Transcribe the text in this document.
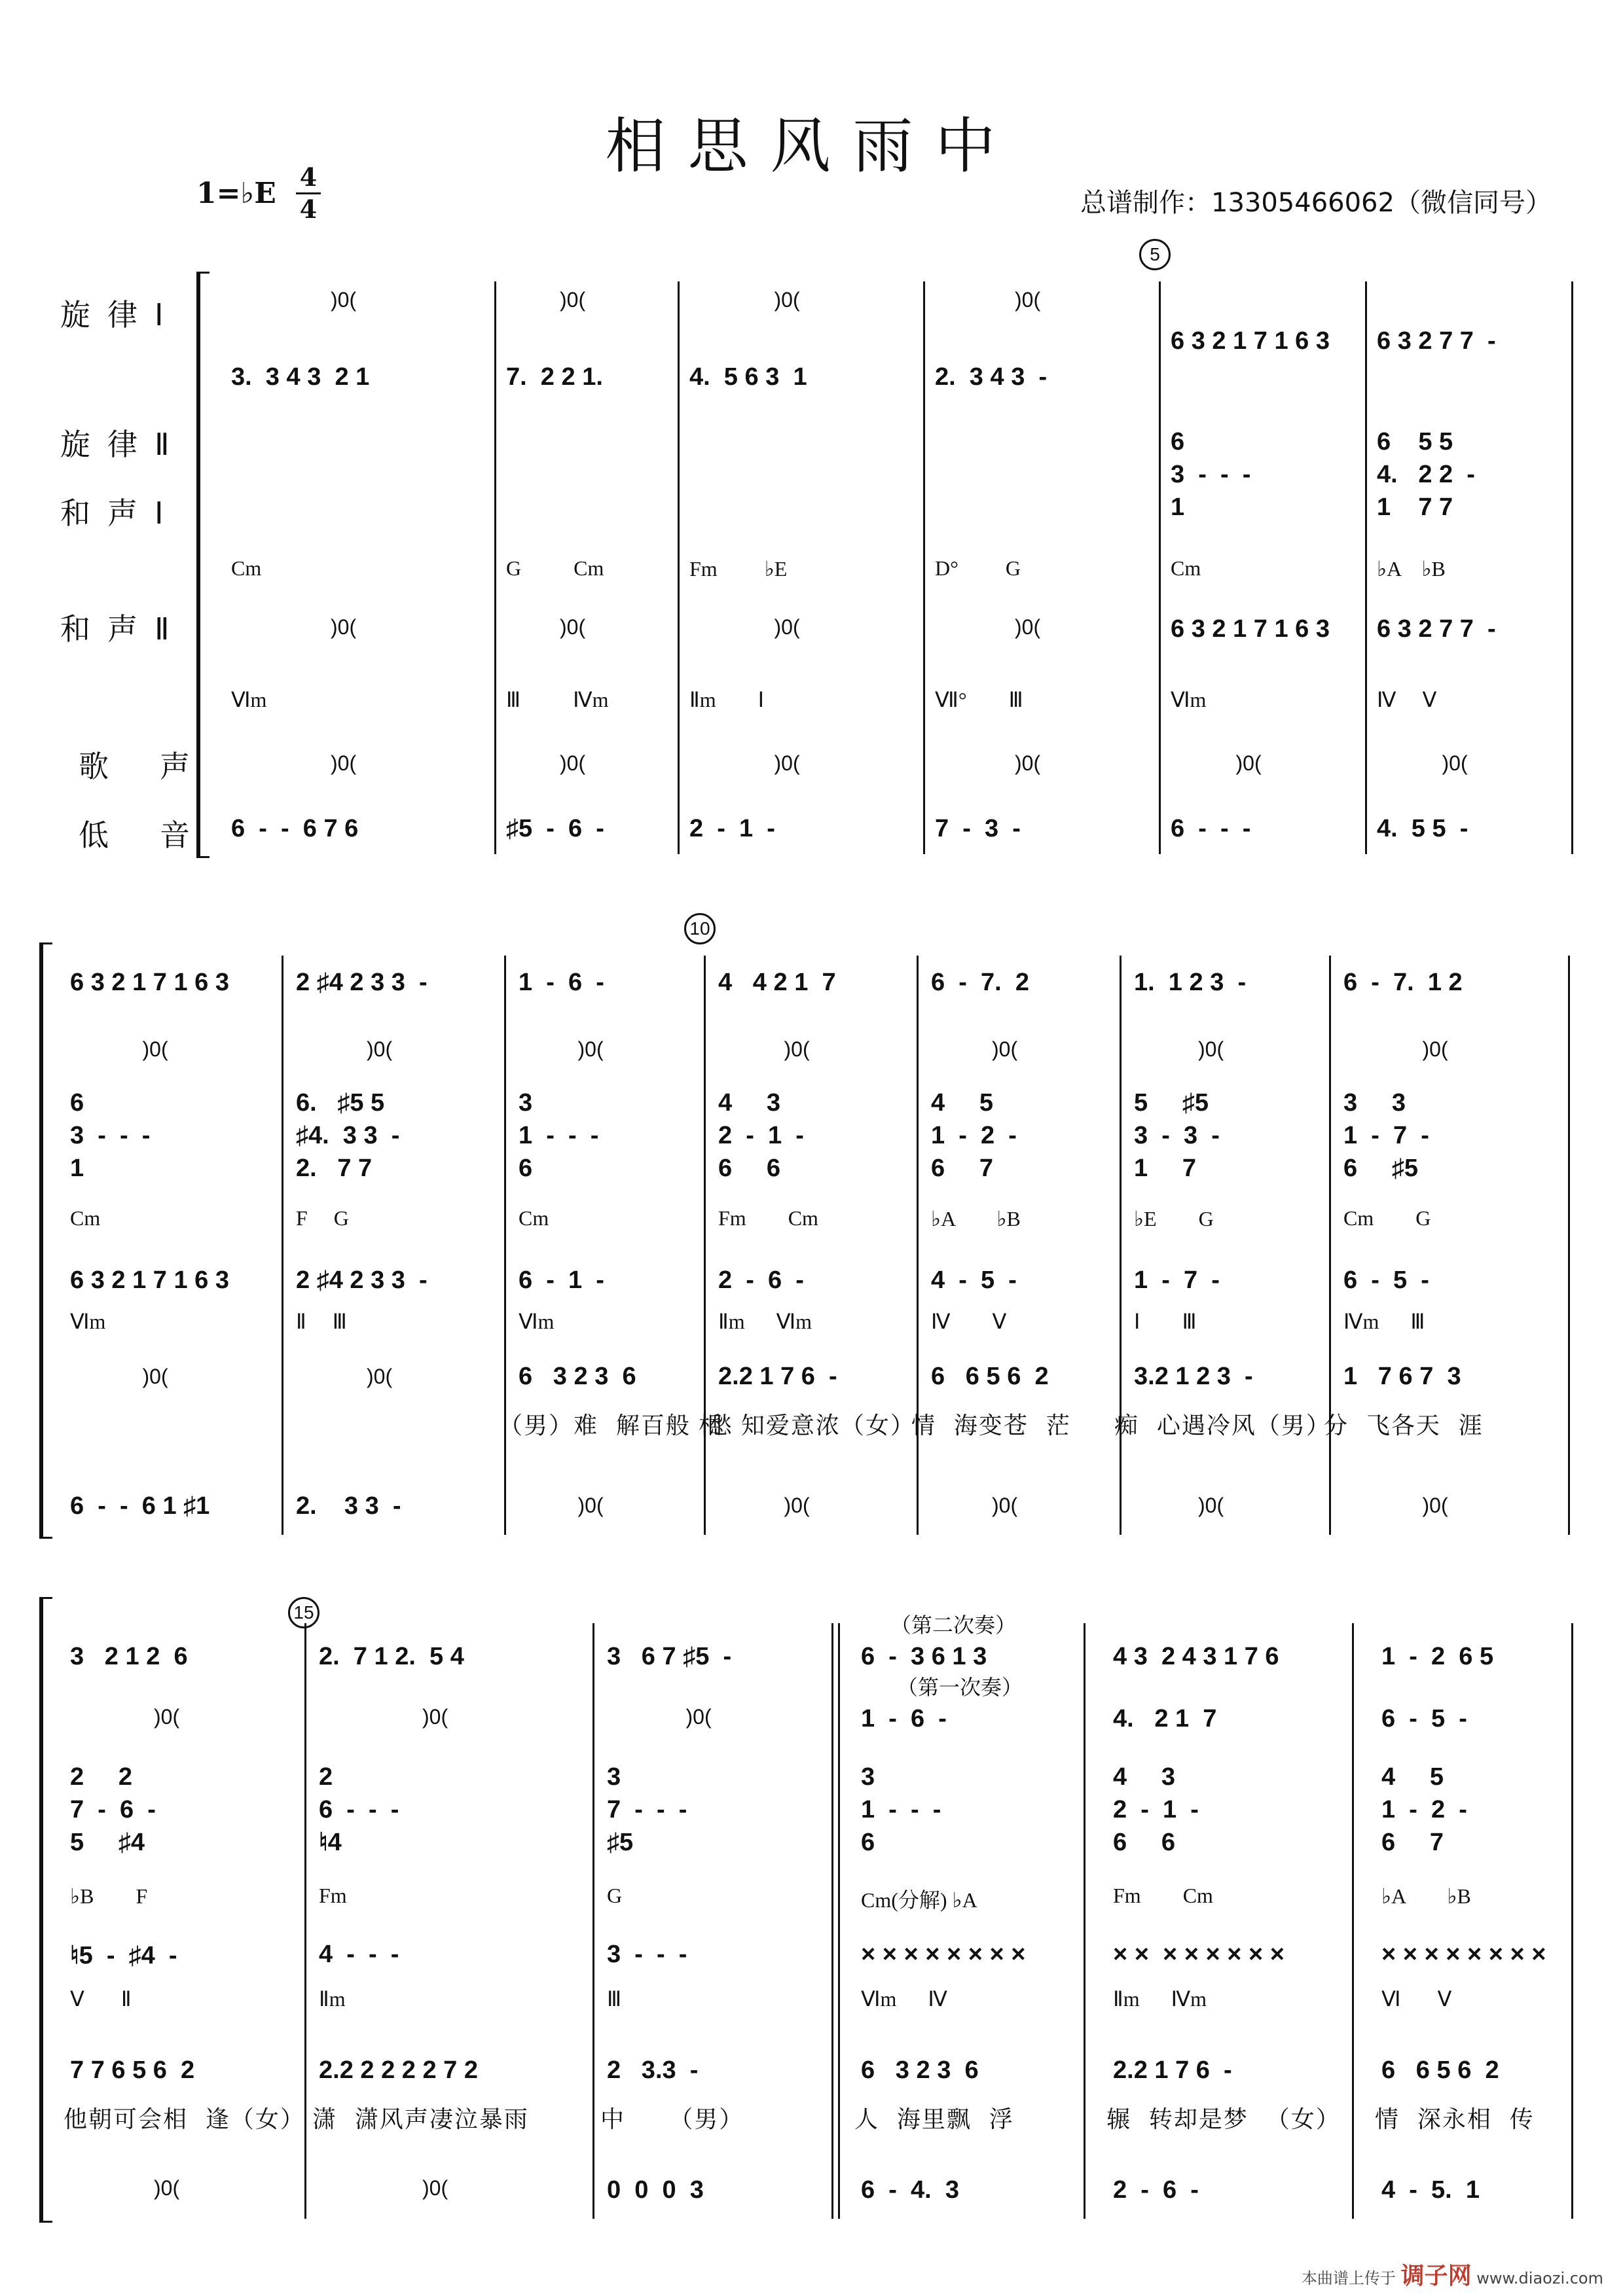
相思风雨中
1=♭E 4
4	总谱制作：13305466062（微信同号）
旋律Ⅰ
旋律Ⅱ
和声Ⅰ
和声Ⅱ
歌声
低音
)0(
3.  3 4 3  2 1
Cm
)0(
Ⅵm
)0(
6  -  -  6 7 6
)0(
7.  2 2 1.
G          Cm
)0(
Ⅲ          Ⅳm
)0(
♯5  -  6  -
)0(
4.  5 6 3  1
Fm         ♭E
)0(
Ⅱm        Ⅰ
)0(
2  -  1  -
)0(
2.  3 4 3  -
D°         G
)0(
Ⅶ°        Ⅲ
)0(
7  -  3  -
6 3 2 1 7 1 6 3
6
3  -  -  -
1
Cm
6 3 2 1 7 1 6 3
Ⅵm
)0(
6  -  -  -
6 3 2 7 7  -
6    5 5
4.   2 2  -
1    7 7
♭A    ♭B
6 3 2 7 7  -
Ⅳ     Ⅴ
)0(
4.  5 5  -
5
6 3 2 1 7 1 6 3
)0(
6
3  -  -  -
1
Cm
6 3 2 1 7 1 6 3
Ⅵm
)0(
6  -  -  6 1 ♯1
2 ♯4 2 3 3  -
)0(
6.   ♯5 5
♯4.  3 3  -
2.   7 7
F     G
2 ♯4 2 3 3  -
Ⅱ     Ⅲ
)0(
2.    3 3  -
1  -  6  -
)0(
3
1  -  -  -
6
Cm
6  -  1  -
Ⅵm
6   3 2 3  6
（男）难  解百般  愁
)0(
4   4 2 1  7
)0(
4     3
2  -  1  -
6     6
Fm        Cm
2  -  6  -
Ⅱm      Ⅵm
2.2 1 7 6  -
相  知爱意浓（女）
)0(
6  -  7.  2
)0(
4     5
1  -  2  -
6     7
♭A        ♭B
4  -  5  -
Ⅳ        Ⅴ
6   6 5 6  2
情  海变苍  茫
)0(
1.  1 2 3  -
)0(
5     ♯5
3  -  3  -
1     7
♭E        G
1  -  7  -
Ⅰ        Ⅲ
3.2 1 2 3  -
痴  心遇冷风（男）
)0(
6  -  7.  1 2
)0(
3     3
1  -  7  -
6     ♯5
Cm        G
6  -  5  -
Ⅳm      Ⅲ
1   7 6 7  3
分  飞各天  涯
)0(
10
（第二次奏）
（第一次奏）
3   2 1 2  6
)0(
2     2
7  -  6  -
5     ♯4
♭B        F
♮5  -  ♯4  -
Ⅴ       Ⅱ
7 7 6 5 6  2
他朝可会相  逢（女）
)0(
2.  7 1 2.  5 4
)0(
2
6  -  -  -
♮4
Fm
4  -  -  -
Ⅱm
2.2 2 2 2 2 7 2
潇  潇风声凄泣暴雨
)0(
3   6 7 ♯5  -
)0(
3
7  -  -  -
♯5
G
3  -  -  -
Ⅲ
2   3.3  -
中     （男）
0  0  0  3
6  -  3 6 1 3
1  -  6  -
3
1  -  -  -
6
Cm(分解) ♭A
× × × × × × × ×
Ⅵm      Ⅳ
6   3 2 3  6
人  海里飘  浮
6  -  4.  3
4 3  2 4 3 1 7 6
4.   2 1  7
4     3
2  -  1  -
6     6
Fm        Cm
× ×  × × × × × ×
Ⅱm      Ⅳm
2.2 1 7 6  -
辗  转却是梦  （女）
2  -  6  -
1  -  2  6 5
6  -  5  -
4     5
1  -  2  -
6     7
♭A        ♭B
× × × × × × × ×
Ⅵ       Ⅴ
6   6 5 6  2
情  深永相  传
4  -  5.  1
15
本曲谱上传于 调子网 www.diaozi.com
